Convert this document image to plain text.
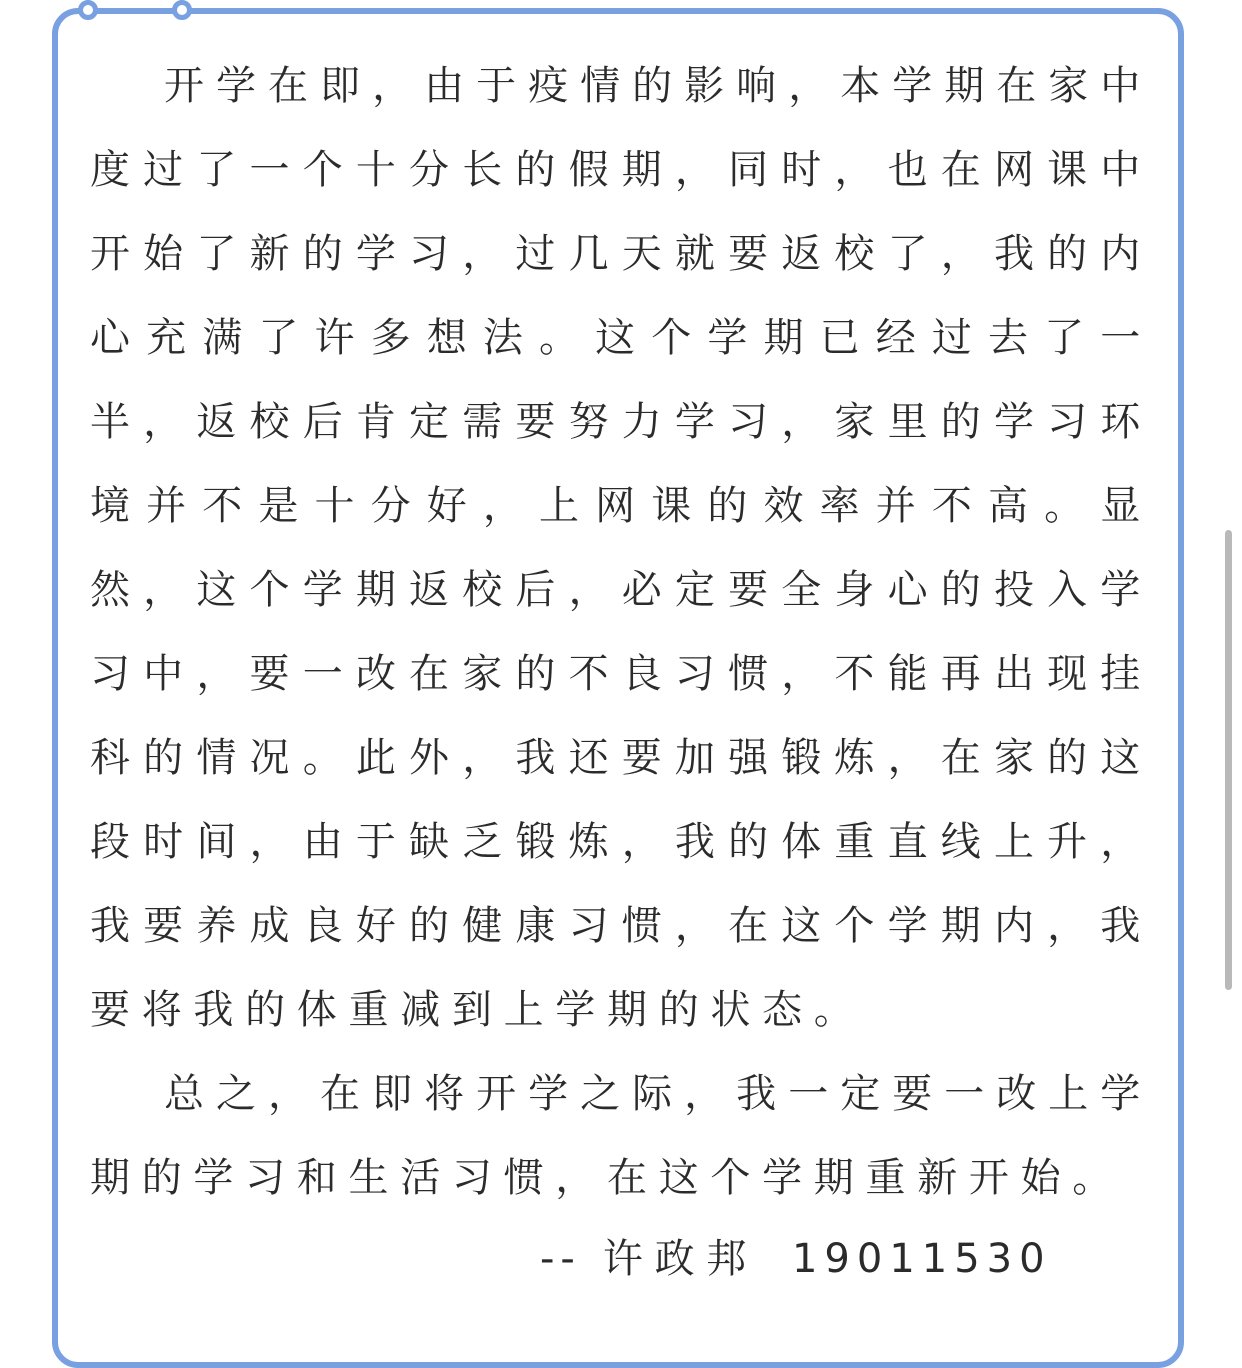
开学在即，由于疫情的影响，本学期在家中度过了一个十分长的假期，同时，也在网课中开始了新的学习，过几天就要返校了，我的内心充满了许多想法。这个学期已经过去了一半，返校后肯定需要努力学习，家里的学习环境并不是十分好，上网课的效率并不高。显然，这个学期返校后，必定要全身心的投入学习中，要一改在家的不良习惯，不能再出现挂科的情况。此外，我还要加强锻炼，在家的这段时间，由于缺乏锻炼，我的体重直线上升，我要养成良好的健康习惯，在这个学期内，我要将我的体重减到上学期的状态。

总之，在即将开学之际，我一定要一改上学期的学习和生活习惯，在这个学期重新开始。

-- 许政邦 19011530
